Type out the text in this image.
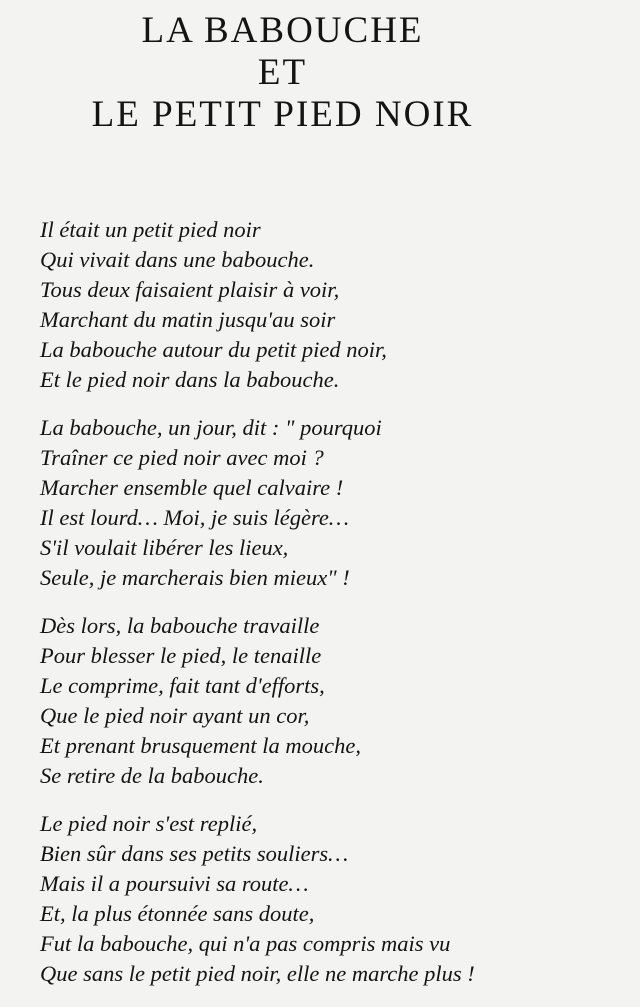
LA BABOUCHE
ET
LE PETIT PIED NOIR
Il était un petit pied noir
Qui vivait dans une babouche.
Tous deux faisaient plaisir à voir,
Marchant du matin jusqu'au soir
La babouche autour du petit pied noir,
Et le pied noir dans la babouche.
La babouche, un jour, dit : " pourquoi
Traîner ce pied noir avec moi ?
Marcher ensemble quel calvaire !
Il est lourd… Moi, je suis légère…
S'il voulait libérer les lieux,
Seule, je marcherais bien mieux" !
Dès lors, la babouche travaille
Pour blesser le pied, le tenaille
Le comprime, fait tant d'efforts,
Que le pied noir ayant un cor,
Et prenant brusquement la mouche,
Se retire de la babouche.
Le pied noir s'est replié,
Bien sûr dans ses petits souliers…
Mais il a poursuivi sa route…
Et, la plus étonnée sans doute,
Fut la babouche, qui n'a pas compris mais vu
Que sans le petit pied noir, elle ne marche plus !
